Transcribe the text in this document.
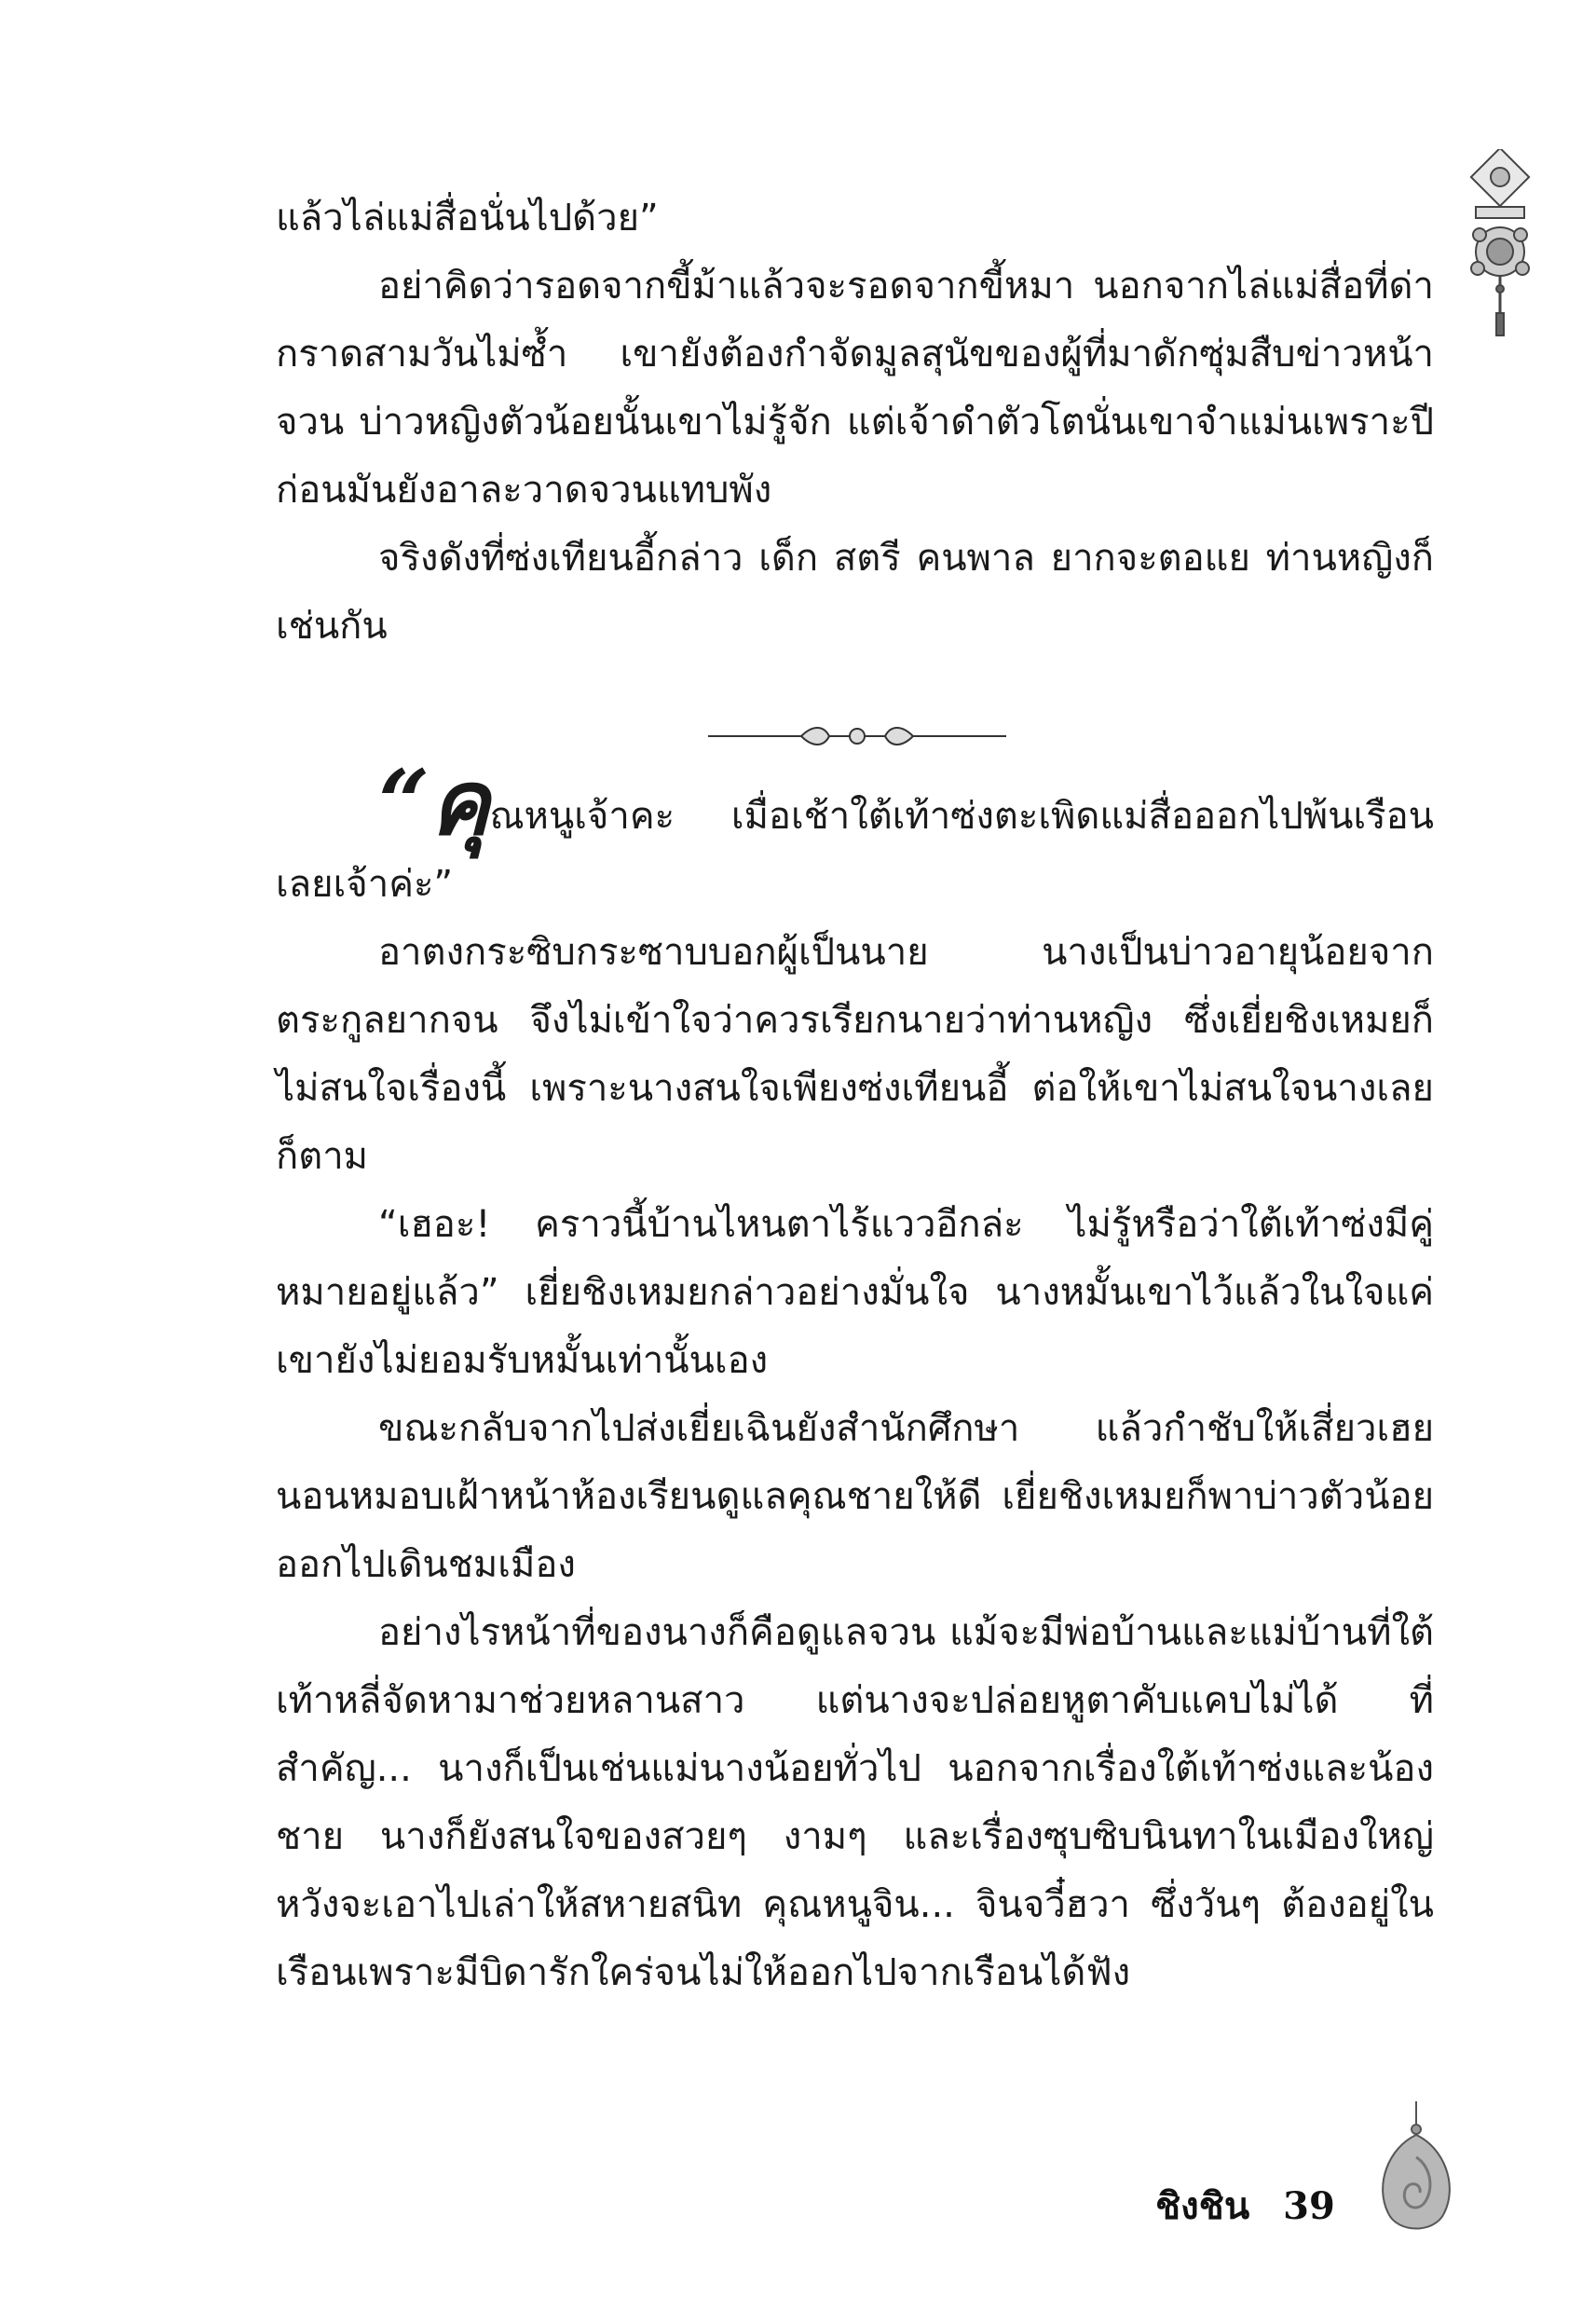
แล้วไล่แม่สื่อนั่นไปด้วย”

อย่าคิดว่ารอดจากขี้ม้าแล้วจะรอดจากขี้หมา นอกจากไล่แม่สื่อที่ด่ากราดสามวันไม่ซ้ำ เขายังต้องกำจัดมูลสุนัขของผู้ที่มาดักซุ่มสืบข่าวหน้าจวน บ่าวหญิงตัวน้อยนั้นเขาไม่รู้จัก แต่เจ้าดำตัวโตนั่นเขาจำแม่นเพราะปีก่อนมันยังอาละวาดจวนแทบพัง

จริงดังที่ซ่งเทียนอี้กล่าว เด็ก สตรี คนพาล ยากจะตอแย ท่านหญิงก็เช่นกัน

“คุณหนูเจ้าคะ เมื่อเช้าใต้เท้าซ่งตะเพิดแม่สื่อออกไปพ้นเรือนเลยเจ้าค่ะ”

อาตงกระซิบกระซาบบอกผู้เป็นนาย นางเป็นบ่าวอายุน้อยจากตระกูลยากจน จึงไม่เข้าใจว่าควรเรียกนายว่าท่านหญิง ซึ่งเยี่ยชิงเหมยก็ไม่สนใจเรื่องนี้ เพราะนางสนใจเพียงซ่งเทียนอี้ ต่อให้เขาไม่สนใจนางเลยก็ตาม

“เฮอะ! คราวนี้บ้านไหนตาไร้แววอีกล่ะ ไม่รู้หรือว่าใต้เท้าซ่งมีคู่หมายอยู่แล้ว” เยี่ยชิงเหมยกล่าวอย่างมั่นใจ นางหมั้นเขาไว้แล้วในใจแค่เขายังไม่ยอมรับหมั้นเท่านั้นเอง

ขณะกลับจากไปส่งเยี่ยเฉินยังสำนักศึกษา แล้วกำชับให้เสี่ยวเฮยนอนหมอบเฝ้าหน้าห้องเรียนดูแลคุณชายให้ดี เยี่ยชิงเหมยก็พาบ่าวตัวน้อยออกไปเดินชมเมือง

อย่างไรหน้าที่ของนางก็คือดูแลจวน แม้จะมีพ่อบ้านและแม่บ้านที่ใต้เท้าหลี่จัดหามาช่วยหลานสาว แต่นางจะปล่อยหูตาคับแคบไม่ได้ ที่สำคัญ... นางก็เป็นเช่นแม่นางน้อยทั่วไป นอกจากเรื่องใต้เท้าซ่งและน้องชาย นางก็ยังสนใจของสวยๆ งามๆ และเรื่องซุบซิบนินทาในเมืองใหญ่ หวังจะเอาไปเล่าให้สหายสนิท คุณหนูจิน... จินจวี๋ฮวา ซึ่งวันๆ ต้องอยู่ในเรือนเพราะมีบิดารักใคร่จนไม่ให้ออกไปจากเรือนได้ฟัง

ชิงชิน 39
